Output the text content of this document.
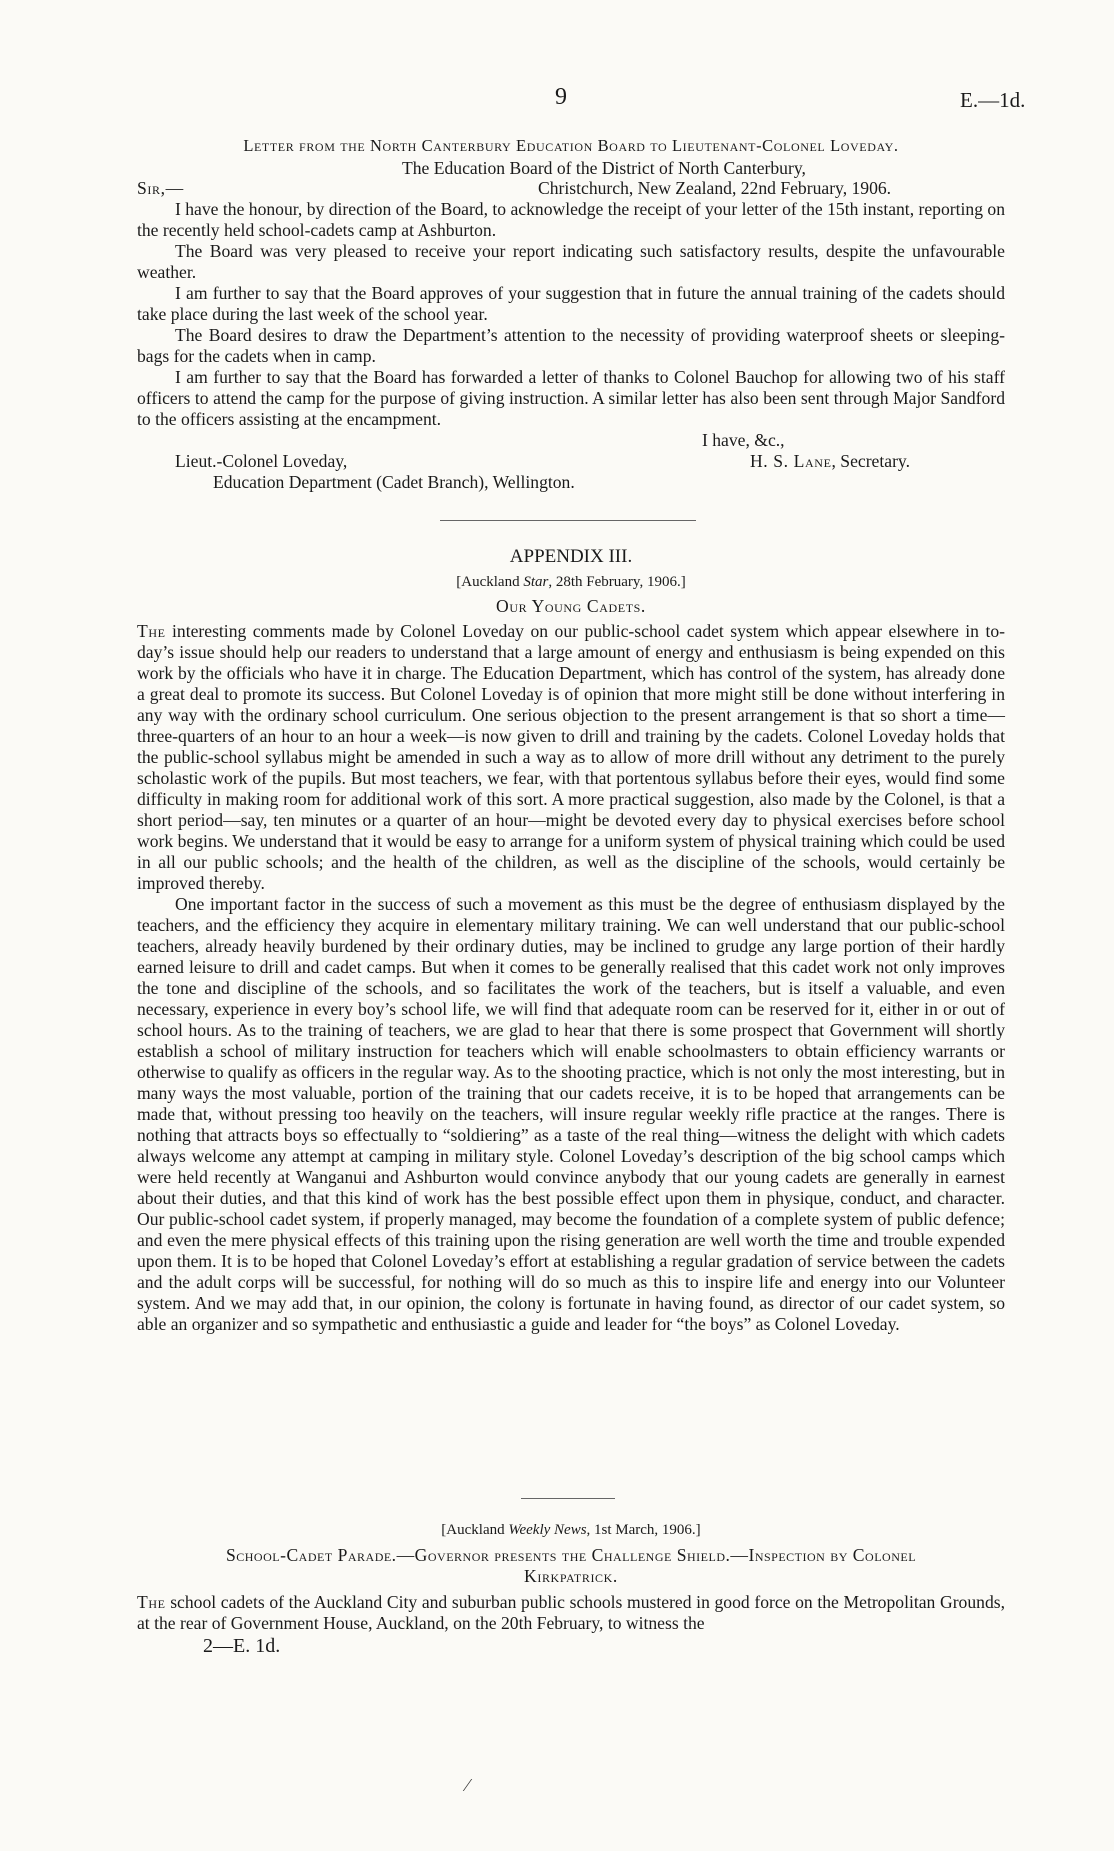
9	E.—1d.
Letter from the North Canterbury Education Board to Lieutenant-Colonel Loveday.
The Education Board of the District of North Canterbury,
Sir,—	Christchurch, New Zealand, 22nd February, 1906.
I have the honour, by direction of the Board, to acknowledge the receipt of your letter of the 15th instant, reporting on the recently held school-cadets camp at Ashburton.
The Board was very pleased to receive your report indicating such satisfactory results, despite the unfavourable weather.
I am further to say that the Board approves of your suggestion that in future the annual training of the cadets should take place during the last week of the school year.
The Board desires to draw the Department’s attention to the necessity of providing waterproof sheets or sleeping-bags for the cadets when in camp.
I am further to say that the Board has forwarded a letter of thanks to Colonel Bauchop for allowing two of his staff officers to attend the camp for the purpose of giving instruction. A similar letter has also been sent through Major Sandford to the officers assisting at the encampment.
I have, &c.,
Lieut.-Colonel Loveday,	H. S. Lane, Secretary.
Education Department (Cadet Branch), Wellington.
APPENDIX III.
[Auckland Star, 28th February, 1906.]
Our Young Cadets.
The interesting comments made by Colonel Loveday on our public-school cadet system which appear elsewhere in to-day’s issue should help our readers to understand that a large amount of energy and enthusiasm is being expended on this work by the officials who have it in charge. The Education Department, which has control of the system, has already done a great deal to promote its success. But Colonel Loveday is of opinion that more might still be done without interfering in any way with the ordinary school curriculum. One serious objection to the present arrangement is that so short a time—three-quarters of an hour to an hour a week—is now given to drill and training by the cadets. Colonel Loveday holds that the public-school syllabus might be amended in such a way as to allow of more drill without any detriment to the purely scholastic work of the pupils. But most teachers, we fear, with that portentous syllabus before their eyes, would find some difficulty in making room for additional work of this sort. A more practical suggestion, also made by the Colonel, is that a short period—say, ten minutes or a quarter of an hour—might be devoted every day to physical exercises before school work begins. We understand that it would be easy to arrange for a uniform system of physical training which could be used in all our public schools; and the health of the children, as well as the discipline of the schools, would certainly be improved thereby.
One important factor in the success of such a movement as this must be the degree of enthusiasm displayed by the teachers, and the efficiency they acquire in elementary military training. We can well understand that our public-school teachers, already heavily burdened by their ordinary duties, may be inclined to grudge any large portion of their hardly earned leisure to drill and cadet camps. But when it comes to be generally realised that this cadet work not only improves the tone and discipline of the schools, and so facilitates the work of the teachers, but is itself a valuable, and even necessary, experience in every boy’s school life, we will find that adequate room can be reserved for it, either in or out of school hours. As to the training of teachers, we are glad to hear that there is some prospect that Government will shortly establish a school of military instruction for teachers which will enable schoolmasters to obtain efficiency warrants or otherwise to qualify as officers in the regular way. As to the shooting practice, which is not only the most interesting, but in many ways the most valuable, portion of the training that our cadets receive, it is to be hoped that arrangements can be made that, without pressing too heavily on the teachers, will insure regular weekly rifle practice at the ranges. There is nothing that attracts boys so effectually to “soldiering” as a taste of the real thing—witness the delight with which cadets always welcome any attempt at camping in military style. Colonel Loveday’s description of the big school camps which were held recently at Wanganui and Ashburton would convince anybody that our young cadets are generally in earnest about their duties, and that this kind of work has the best possible effect upon them in physique, conduct, and character. Our public-school cadet system, if properly managed, may become the foundation of a complete system of public defence; and even the mere physical effects of this training upon the rising generation are well worth the time and trouble expended upon them. It is to be hoped that Colonel Loveday’s effort at establishing a regular gradation of service between the cadets and the adult corps will be successful, for nothing will do so much as this to inspire life and energy into our Volunteer system. And we may add that, in our opinion, the colony is fortunate in having found, as director of our cadet system, so able an organizer and so sympathetic and enthusiastic a guide and leader for “the boys” as Colonel Loveday.
[Auckland Weekly News, 1st March, 1906.]
School-Cadet Parade.—Governor presents the Challenge Shield.—Inspection by Colonel
Kirkpatrick.
The school cadets of the Auckland City and suburban public schools mustered in good force on the Metropolitan Grounds, at the rear of Government House, Auckland, on the 20th February, to witness the
2—E. 1d.
⁄
